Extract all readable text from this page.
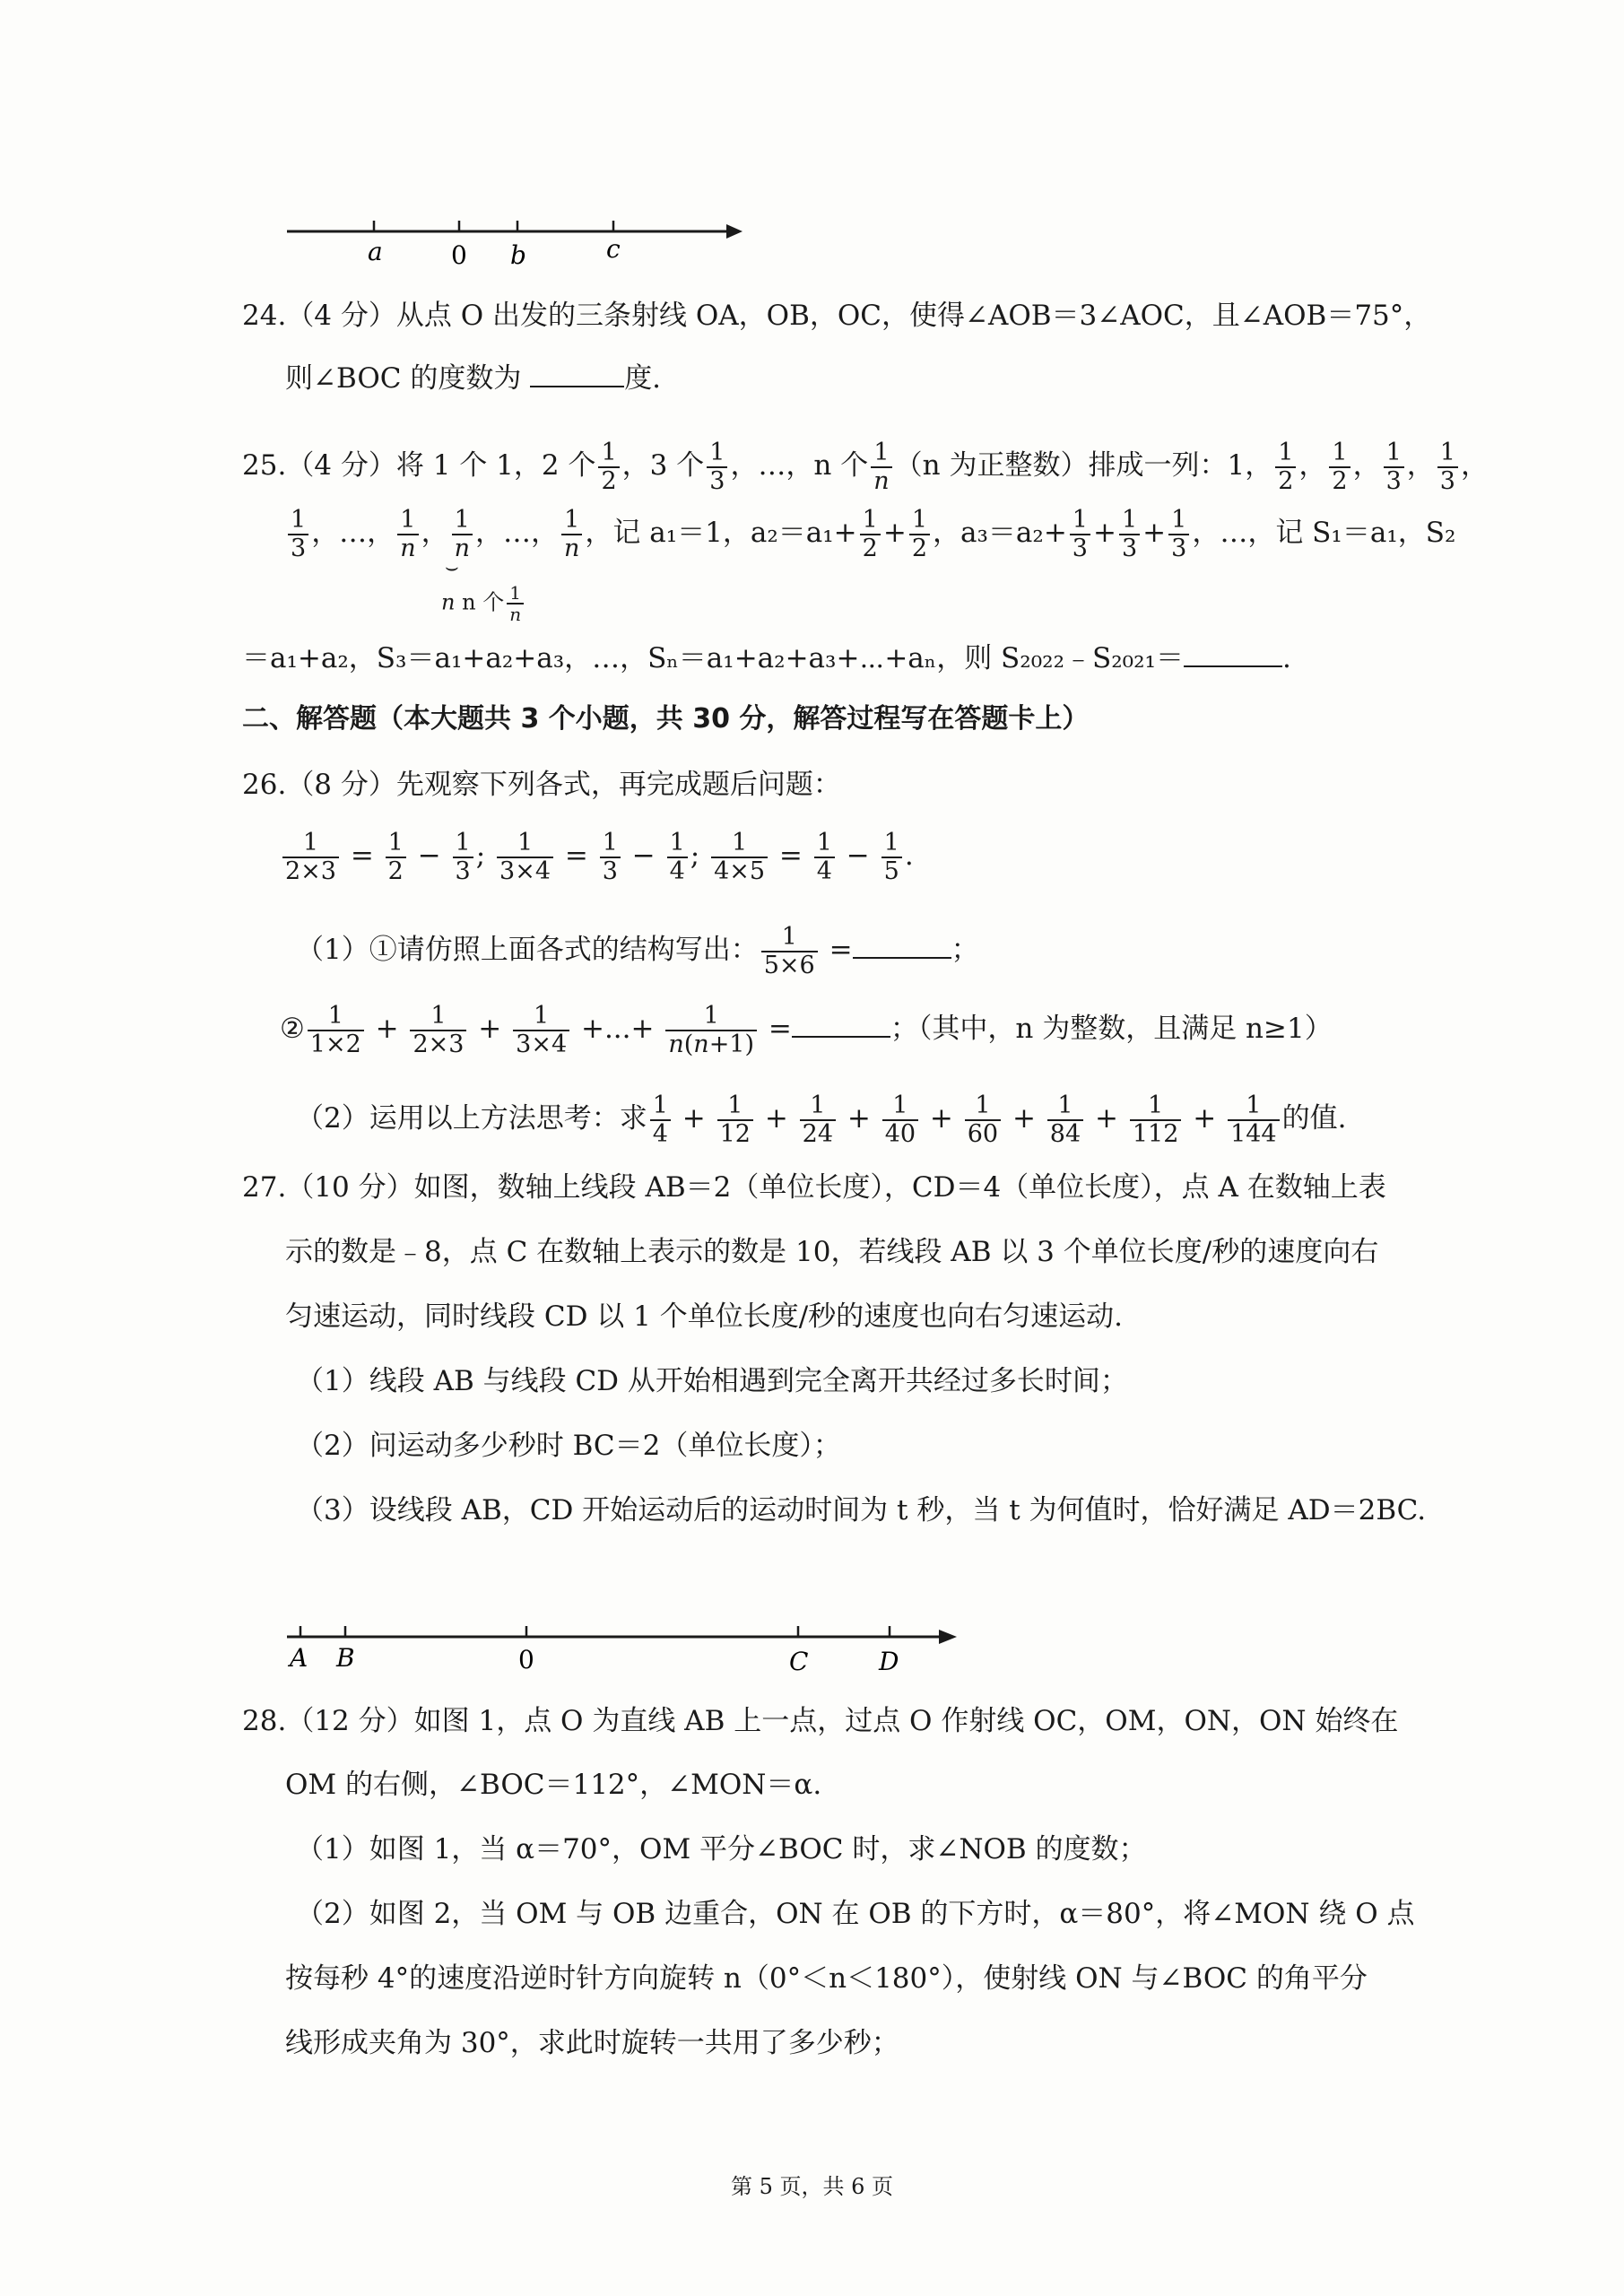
a	0 b	c
24.（4 分）从点 O 出发的三条射线 OA，OB，OC，使得∠AOB＝3∠AOC，且∠AOB＝75°，
则∠BOC 的度数为	度.
25.（4 分）将 1 个 1，2 个 $\frac{1}{2}$ ，3 个 $\frac{1}{3}$ ，…，n 个 $\frac{1}{n} (n$ 为正整数）排成一列：1， $\frac{1}{2}$ ， $\frac{1}{2}$ ， $\frac{1}{3}$ ， $\frac{1}{3}$ ，
$\frac{1}{3}$ ，…， $\frac{1}{n}$ ， $\frac{1}{n}$ ，…， $\frac{1}{n}$ ，记 a₁＝1，$a_2=a_1+ \frac{1}{2} + \frac{1}{2}$ ，$a_3=a_2+ \frac{1}{3} + \frac{1}{3} + \frac{1}{3}$ ，…，记 S₁＝a₁，S₂
⌣
n n 个 $\frac{1}{n}$
＝a₁+a₂，S₃＝a₁+a₂+a₃，…，Sₙ＝a₁+a₂+a₃+⋯+aₙ，则 S₂₀₂₂﹣S₂₀₂₁＝	.
二、解答题（本大题共 3 个小题，共 30 分，解答过程写在答题卡上）
26.（8 分）先观察下列各式，再完成题后问题：
$\frac{1}{2\times 3} = \frac{1}{2} - \frac{1}{3}$ ; $\frac{1}{3\times 4} = \frac{1}{3} - \frac{1}{4}$ ; $\frac{1}{4\times 5} = \frac{1}{4} - \frac{1}{5}$ .
（1）①请仿照上面各式的结构写出： $\frac{1}{5\times 6}$ =	；
② $\frac{1}{1\times 2} + \frac{1}{2\times 3} + \frac{1}{3\times 4}$ +...+ $\frac{1}{n(n+1)}$ =	；（其中，n 为整数，且满足 n≥1）
（2）运用以上方法思考：求 $\frac{1}{4} + \frac{1}{12} + \frac{1}{24} + \frac{1}{40} + \frac{1}{60} + \frac{1}{84} + \frac{1}{112} + \frac{1}{144}$ 的值.
27.（10 分）如图，数轴上线段 AB＝2（单位长度），CD＝4（单位长度），点 A 在数轴上表
示的数是﹣8，点 C 在数轴上表示的数是 10，若线段 AB 以 3 个单位长度/秒的速度向右
匀速运动，同时线段 CD 以 1 个单位长度/秒的速度也向右匀速运动.
（1）线段 AB 与线段 CD 从开始相遇到完全离开共经过多长时间；
（2）问运动多少秒时 BC＝2（单位长度）；
（3）设线段 AB，CD 开始运动后的运动时间为 t 秒，当 t 为何值时，恰好满足 AD＝2BC.
A B	0	C	D
28.（12 分）如图 1，点 O 为直线 AB 上一点，过点 O 作射线 OC，OM，ON，ON 始终在
OM 的右侧，∠BOC＝112°，∠MON＝α.
（1）如图 1，当 α＝70°，OM 平分∠BOC 时，求∠NOB 的度数；
（2）如图 2，当 OM 与 OB 边重合，ON 在 OB 的下方时，α＝80°，将∠MON 绕 O 点
按每秒 4°的速度沿逆时针方向旋转 n（0°＜n＜180°），使射线 ON 与∠BOC 的角平分
线形成夹角为 30°，求此时旋转一共用了多少秒；
第 5 页，共 6 页
